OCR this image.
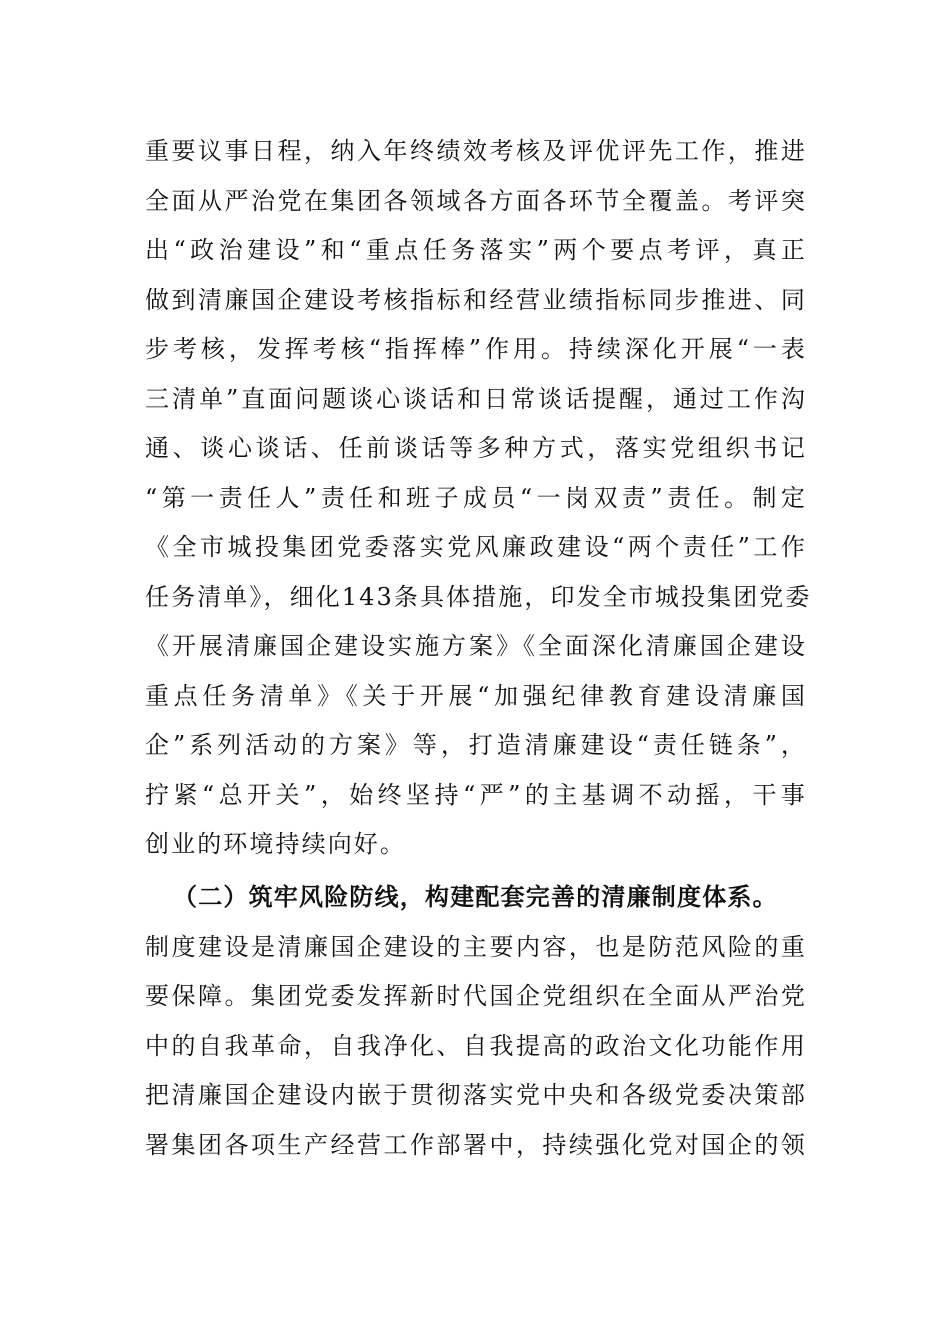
重要议事日程，纳入年终绩效考核及评优评先工作，推进
全面从严治党在集团各领域各方面各环节全覆盖。考评突
出“政治建设”和“重点任务落实”两个要点考评，真正
做到清廉国企建设考核指标和经营业绩指标同步推进、同
步考核，发挥考核“指挥棒”作用。持续深化开展“一表
三清单”直面问题谈心谈话和日常谈话提醒，通过工作沟
通、谈心谈话、任前谈话等多种方式，落实党组织书记
“第一责任人”责任和班子成员“一岗双责”责任。制定
《全市城投集团党委落实党风廉政建设“两个责任”工作
任务清单》，细化143条具体措施，印发全市城投集团党委
《开展清廉国企建设实施方案》《全面深化清廉国企建设
重点任务清单》《关于开展“加强纪律教育建设清廉国
企”系列活动的方案》等，打造清廉建设“责任链条”，
拧紧“总开关”，始终坚持“严”的主基调不动摇，干事
创业的环境持续向好。
（二）筑牢风险防线，构建配套完善的清廉制度体系。
制度建设是清廉国企建设的主要内容，也是防范风险的重
要保障。集团党委发挥新时代国企党组织在全面从严治党
中的自我革命，自我净化、自我提高的政治文化功能作用
把清廉国企建设内嵌于贯彻落实党中央和各级党委决策部
署集团各项生产经营工作部署中，持续强化党对国企的领
